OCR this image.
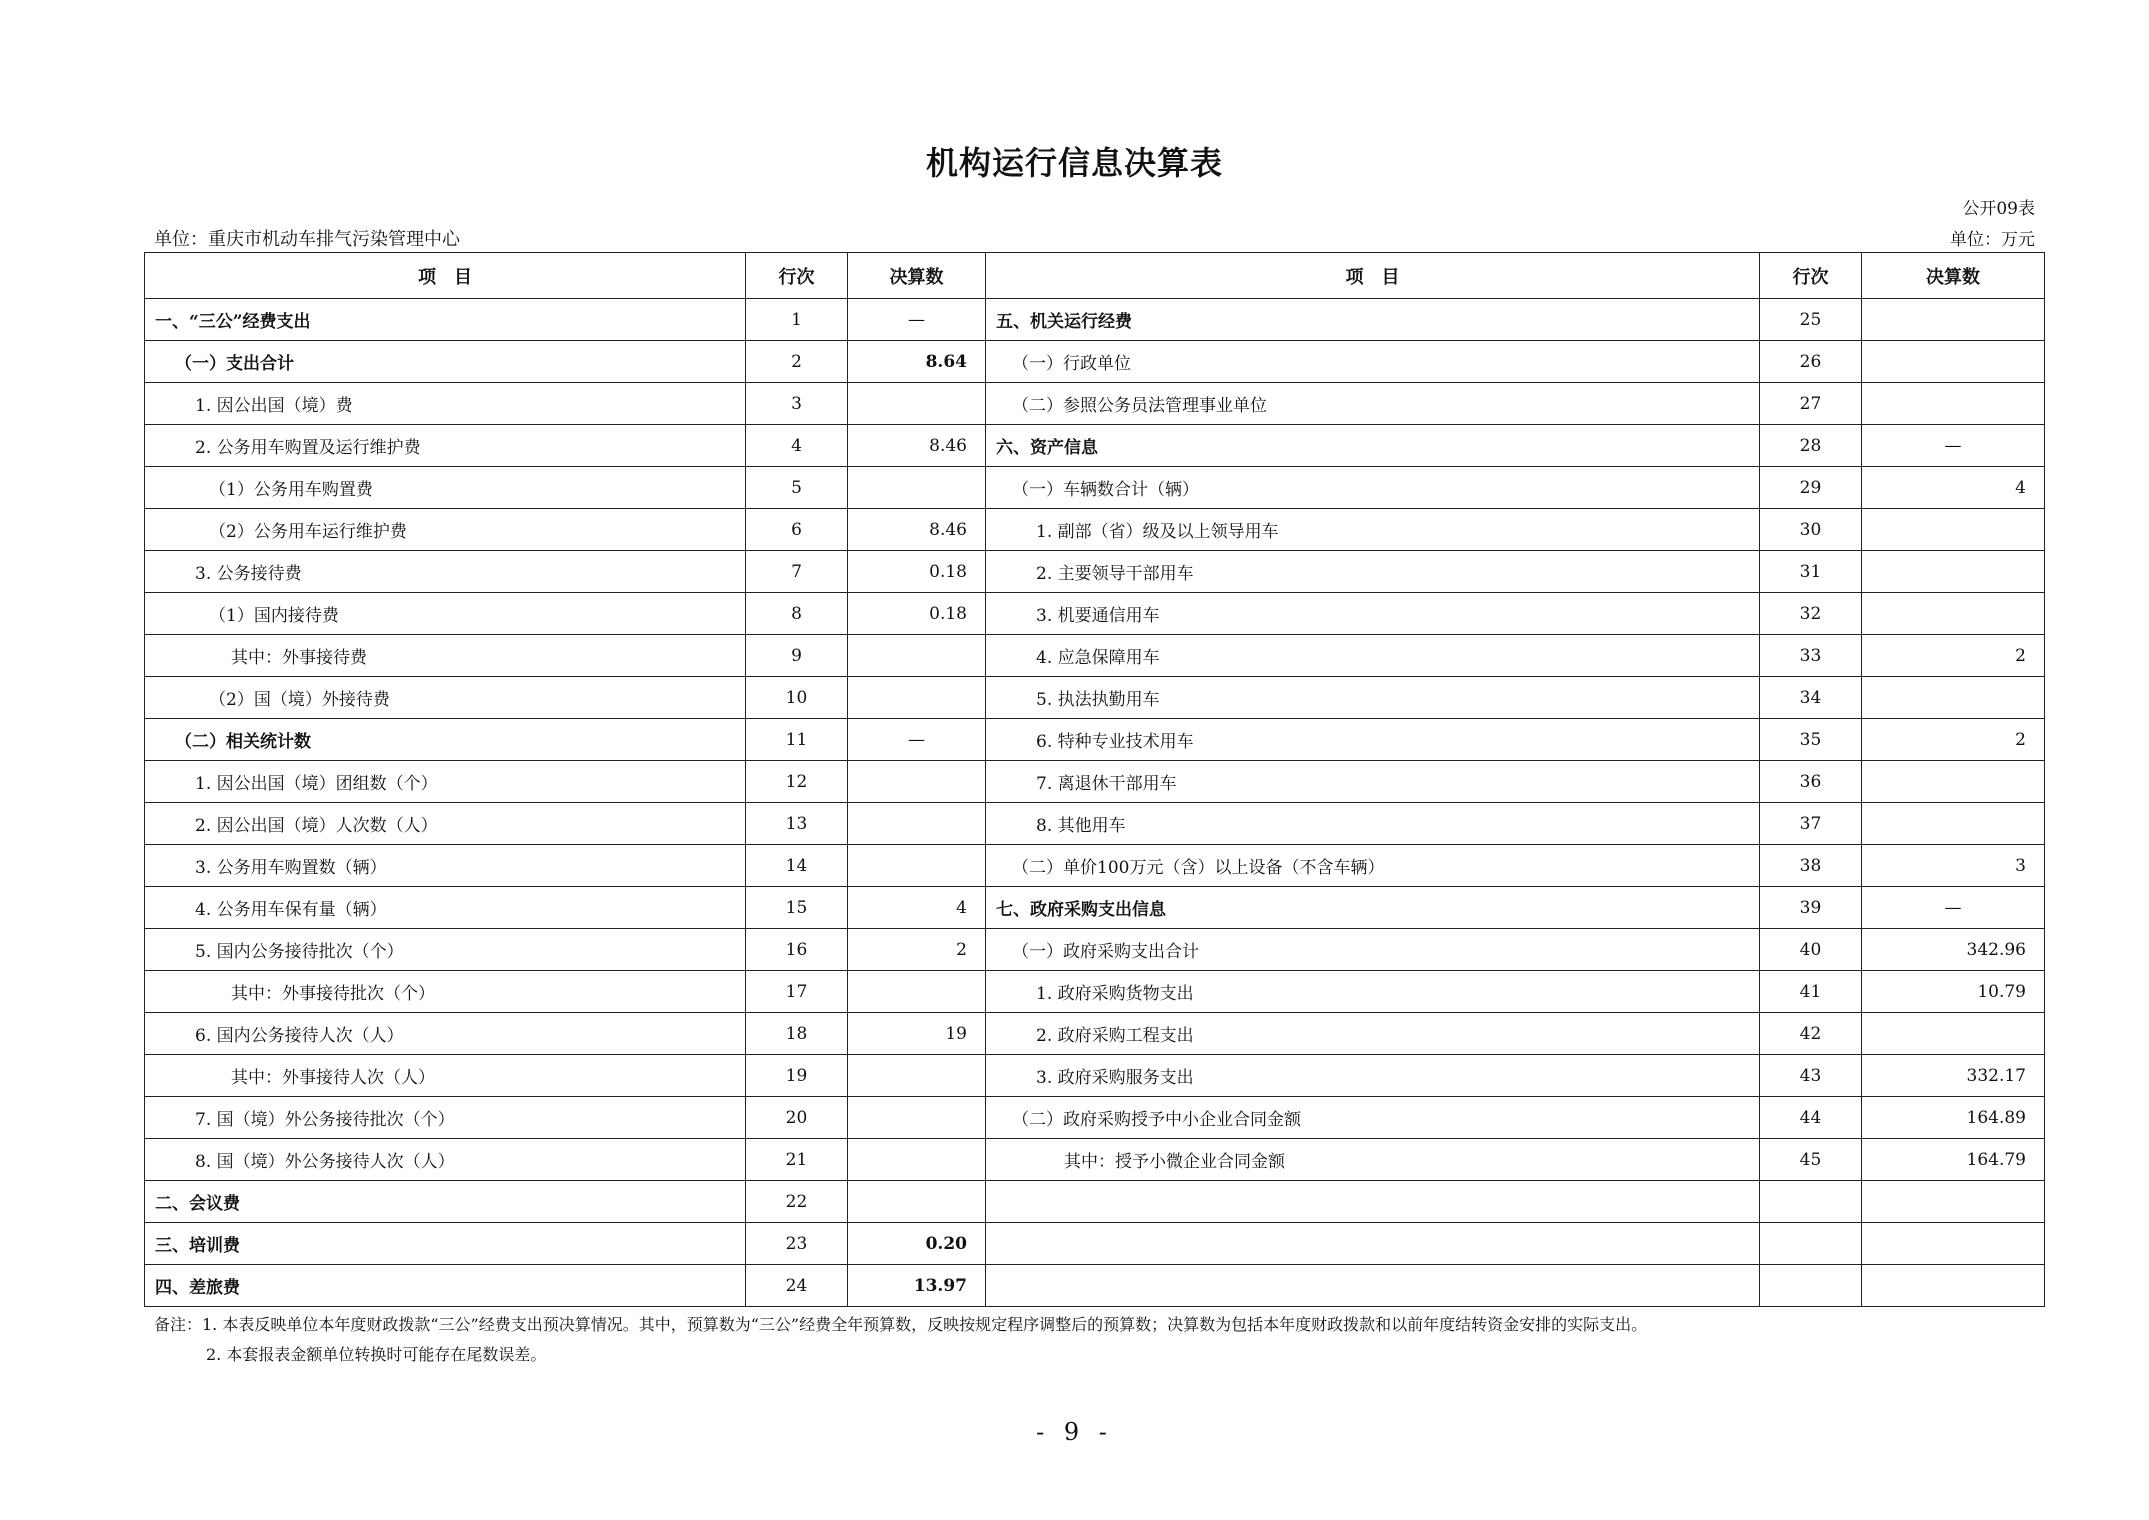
机构运行信息决算表
公开09表
单位：重庆市机动车排气污染管理中心	单位：万元
项　目	行次	决算数	项　目	行次	决算数
一、“三公”经费支出	1	—	五、机关运行经费	25	
（一）支出合计	2	8.64	（一）行政单位	26	
1. 因公出国（境）费	3		（二）参照公务员法管理事业单位	27	
2. 公务用车购置及运行维护费	4	8.46	六、资产信息	28	—
（1）公务用车购置费	5		（一）车辆数合计（辆）	29	4
（2）公务用车运行维护费	6	8.46	1. 副部（省）级及以上领导用车	30	
3. 公务接待费	7	0.18	2. 主要领导干部用车	31	
（1）国内接待费	8	0.18	3. 机要通信用车	32	
其中：外事接待费	9		4. 应急保障用车	33	2
（2）国（境）外接待费	10		5. 执法执勤用车	34	
（二）相关统计数	11	—	6. 特种专业技术用车	35	2
1. 因公出国（境）团组数（个）	12		7. 离退休干部用车	36	
2. 因公出国（境）人次数（人）	13		8. 其他用车	37	
3. 公务用车购置数（辆）	14		（二）单价100万元（含）以上设备（不含车辆）	38	3
4. 公务用车保有量（辆）	15	4	七、政府采购支出信息	39	—
5. 国内公务接待批次（个）	16	2	（一）政府采购支出合计	40	342.96
其中：外事接待批次（个）	17		1. 政府采购货物支出	41	10.79
6. 国内公务接待人次（人）	18	19	2. 政府采购工程支出	42	
其中：外事接待人次（人）	19		3. 政府采购服务支出	43	332.17
7. 国（境）外公务接待批次（个）	20		（二）政府采购授予中小企业合同金额	44	164.89
8. 国（境）外公务接待人次（人）	21		其中：授予小微企业合同金额	45	164.79
二、会议费	22				
三、培训费	23	0.20			
四、差旅费	24	13.97			
备注：1. 本表反映单位本年度财政拨款“三公”经费支出预决算情况。其中，预算数为“三公”经费全年预算数，反映按规定程序调整后的预算数；决算数为包括本年度财政拨款和以前年度结转资金安排的实际支出。
2. 本套报表金额单位转换时可能存在尾数误差。
- 9 -
